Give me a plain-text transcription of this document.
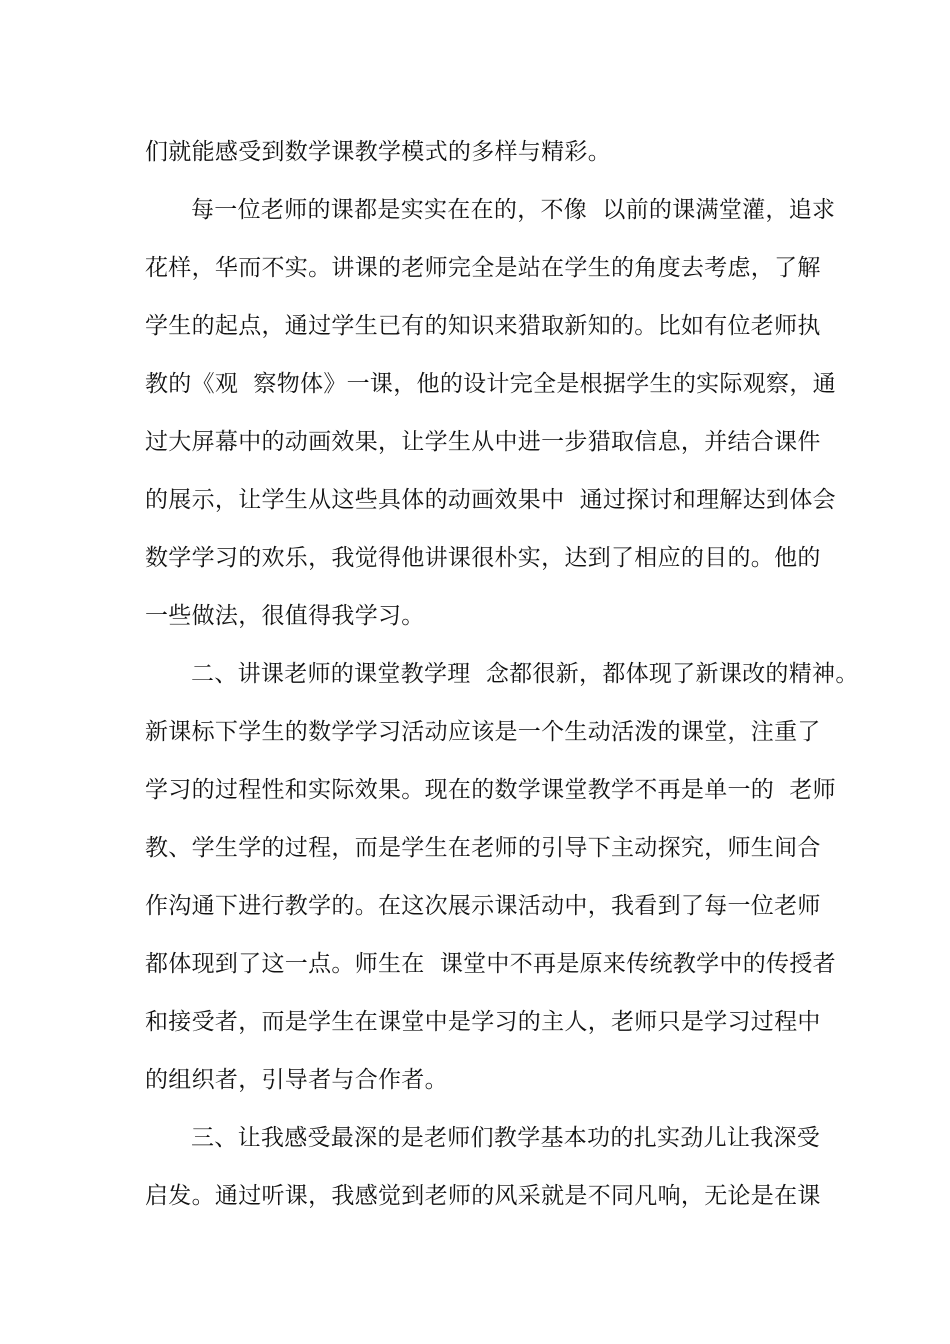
们就能感受到数学课教学模式的多样与精彩。

每一位老师的课都是实实在在的，不像  以前的课满堂灌，追求

花样，华而不实。讲课的老师完全是站在学生的角度去考虑，了解

学生的起点，通过学生已有的知识来猎取新知的。比如有位老师执

教的《观  察物体》一课，他的设计完全是根据学生的实际观察，通

过大屏幕中的动画效果，让学生从中进一步猎取信息，并结合课件

的展示，让学生从这些具体的动画效果中  通过探讨和理解达到体会

数学学习的欢乐，我觉得他讲课很朴实，达到了相应的目的。他的

一些做法，很值得我学习。

二、讲课老师的课堂教学理  念都很新，都体现了新课改的精神。

新课标下学生的数学学习活动应该是一个生动活泼的课堂，注重了

学习的过程性和实际效果。现在的数学课堂教学不再是单一的  老师

教、学生学的过程，而是学生在老师的引导下主动探究，师生间合

作沟通下进行教学的。在这次展示课活动中，我看到了每一位老师

都体现到了这一点。师生在  课堂中不再是原来传统教学中的传授者

和接受者，而是学生在课堂中是学习的主人，老师只是学习过程中

的组织者，引导者与合作者。

三、让我感受最深的是老师们教学基本功的扎实劲儿让我深受

启发。通过听课，我感觉到老师的风采就是不同凡响，无论是在课
